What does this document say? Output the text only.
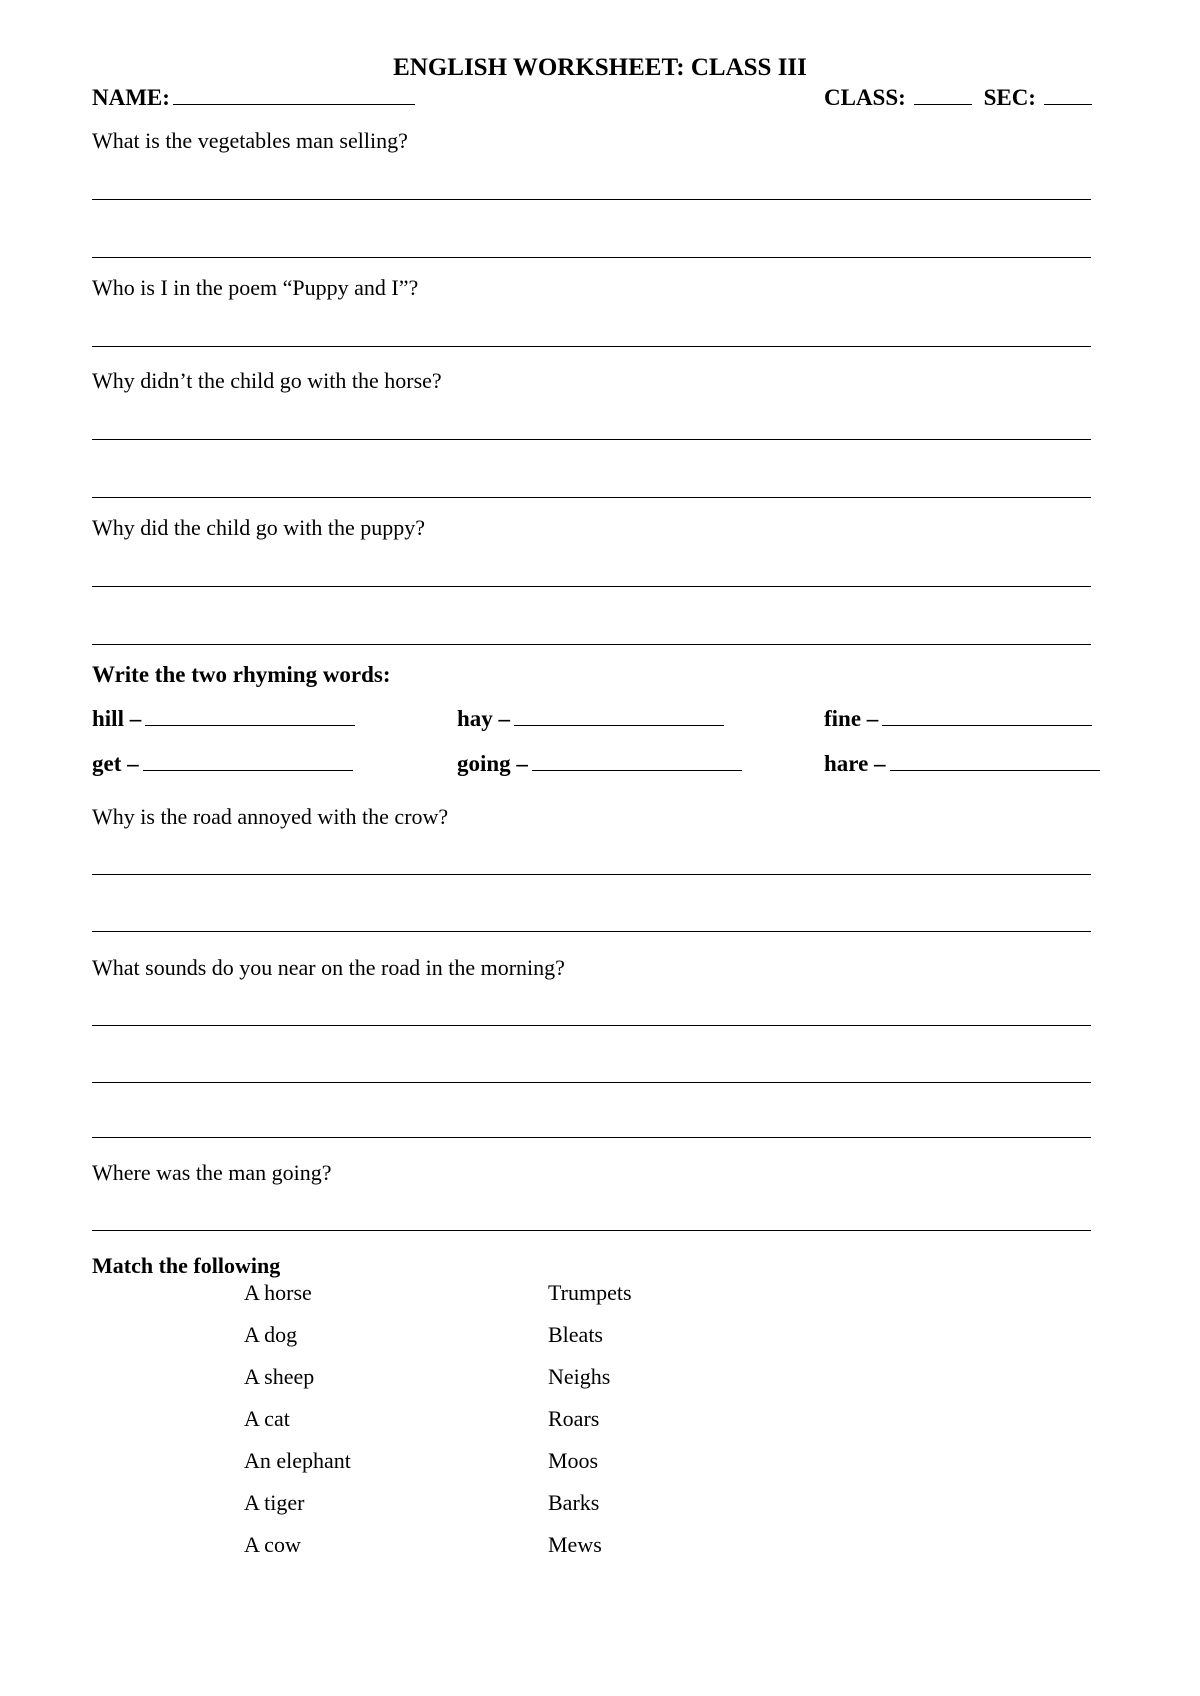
ENGLISH WORKSHEET: CLASS III
NAME:	CLASS:	SEC:
What is the vegetables man selling?
Who is I in the poem “Puppy and I”?
Why didn’t the child go with the horse?
Why did the child go with the puppy?
Write the two rhyming words:
hill –	hay –	fine –
get –	going –	hare –
Why is the road annoyed with the crow?
What sounds do you near on the road in the morning?
Where was the man going?
Match the following
A horse	Trumpets
A dog	Bleats
A sheep	Neighs
A cat	Roars
An elephant	Moos
A tiger	Barks
A cow	Mews
